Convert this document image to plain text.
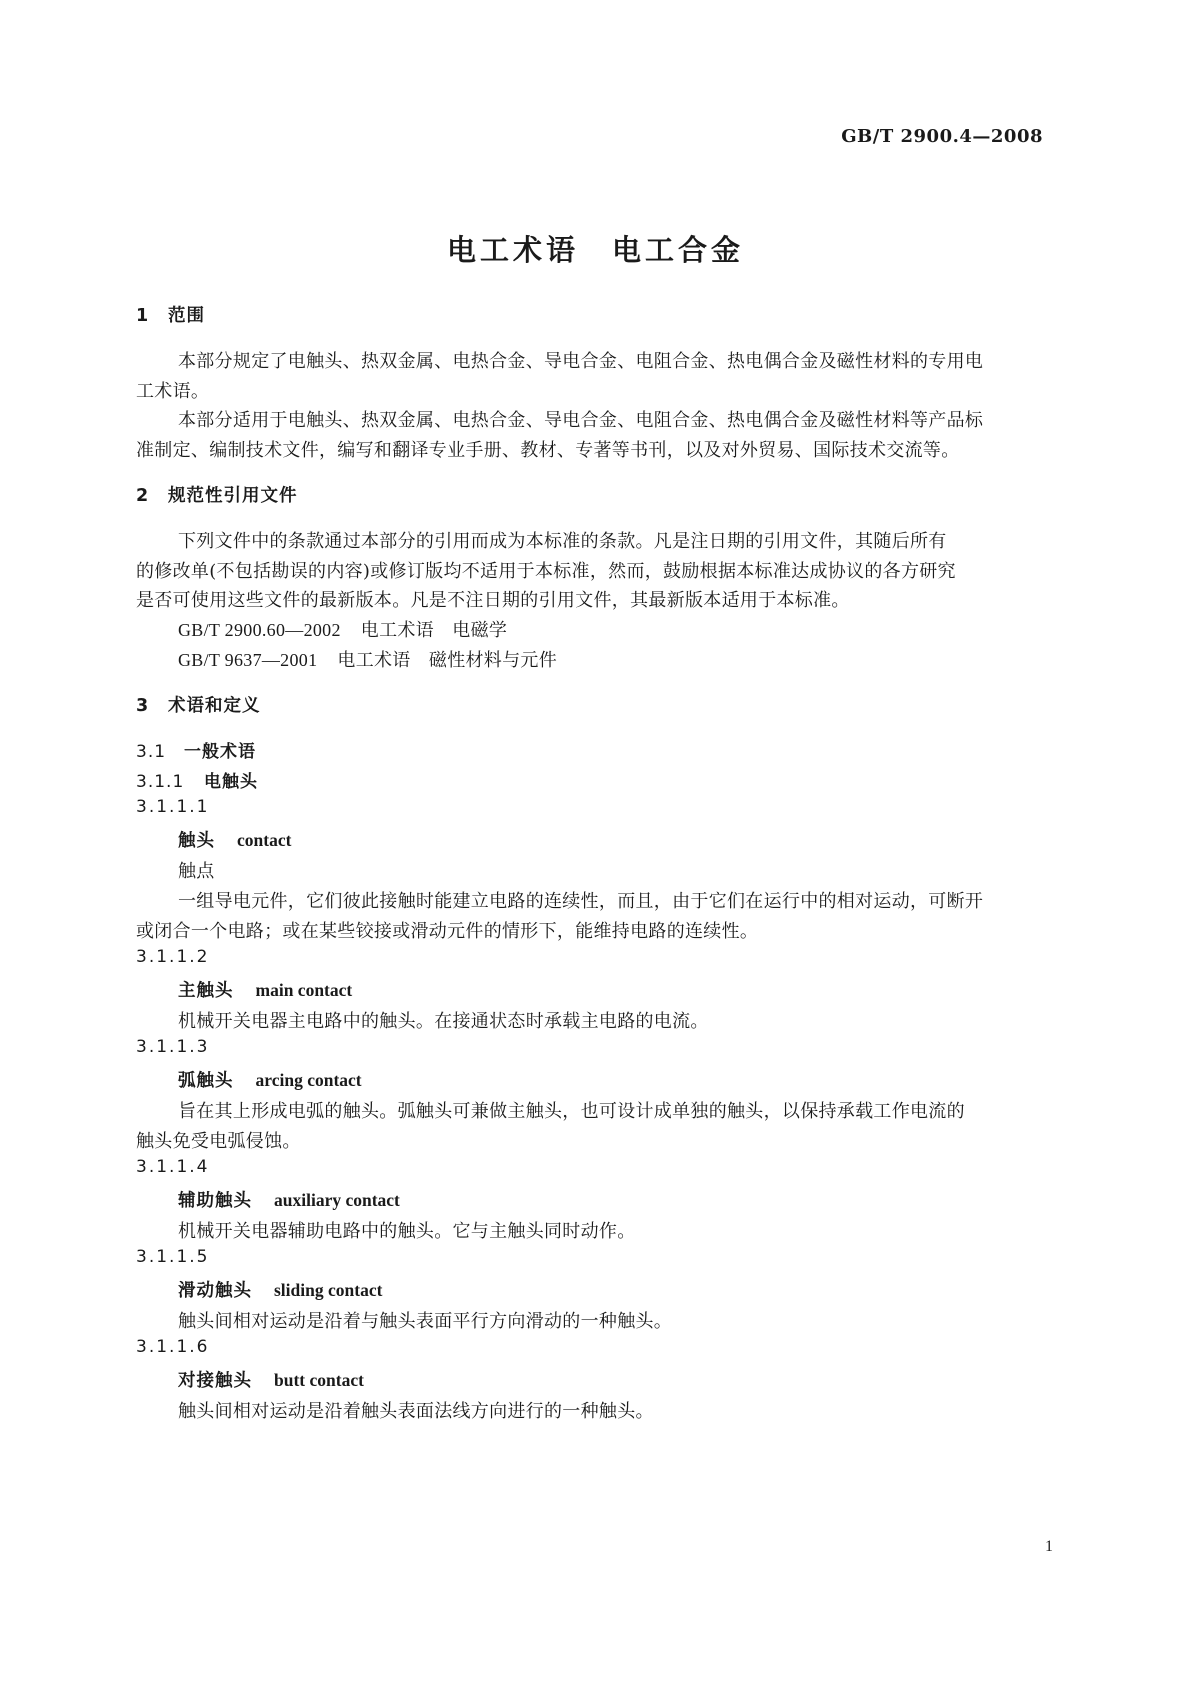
GB/T 2900.4—2008
电工术语　电工合金
1 范围
本部分规定了电触头、热双金属、电热合金、导电合金、电阻合金、热电偶合金及磁性材料的专用电
工术语。
本部分适用于电触头、热双金属、电热合金、导电合金、电阻合金、热电偶合金及磁性材料等产品标
准制定、编制技术文件，编写和翻译专业手册、教材、专著等书刊，以及对外贸易、国际技术交流等。
2 规范性引用文件
下列文件中的条款通过本部分的引用而成为本标准的条款。凡是注日期的引用文件，其随后所有
的修改单(不包括勘误的内容)或修订版均不适用于本标准，然而，鼓励根据本标准达成协议的各方研究
是否可使用这些文件的最新版本。凡是不注日期的引用文件，其最新版本适用于本标准。
GB/T 2900.60—2002 电工术语　电磁学
GB/T 9637—2001 电工术语　磁性材料与元件
3 术语和定义
3.1 一般术语
3.1.1 电触头
3.1.1.1
触头 contact
触点
一组导电元件，它们彼此接触时能建立电路的连续性，而且，由于它们在运行中的相对运动，可断开
或闭合一个电路；或在某些铰接或滑动元件的情形下，能维持电路的连续性。
3.1.1.2
主触头 main contact
机械开关电器主电路中的触头。在接通状态时承载主电路的电流。
3.1.1.3
弧触头 arcing contact
旨在其上形成电弧的触头。弧触头可兼做主触头，也可设计成单独的触头，以保持承载工作电流的
触头免受电弧侵蚀。
3.1.1.4
辅助触头 auxiliary contact
机械开关电器辅助电路中的触头。它与主触头同时动作。
3.1.1.5
滑动触头 sliding contact
触头间相对运动是沿着与触头表面平行方向滑动的一种触头。
3.1.1.6
对接触头 butt contact
触头间相对运动是沿着触头表面法线方向进行的一种触头。
1
